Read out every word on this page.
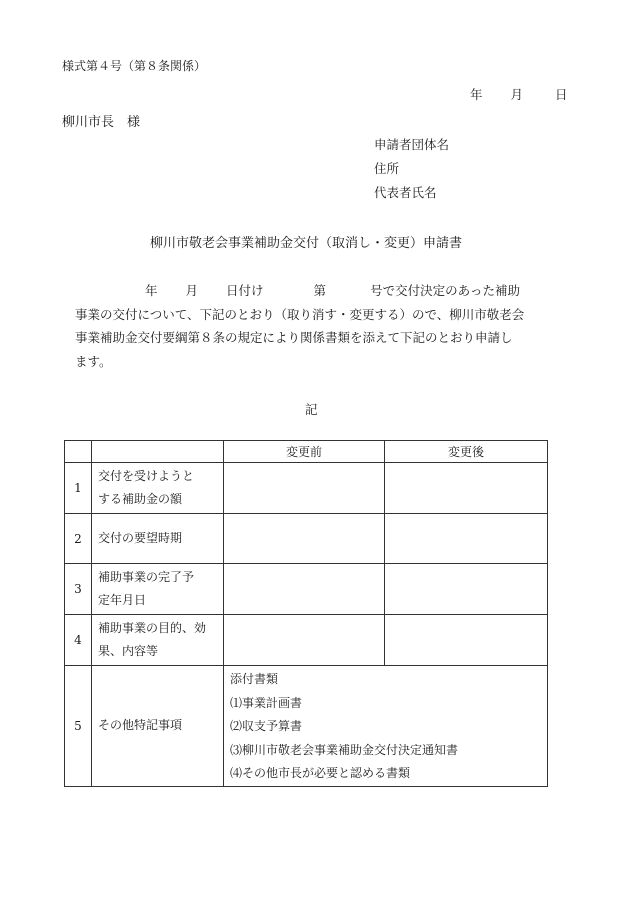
様式第４号（第８条関係）
年 月	日
柳川市長　様
申請者団体名
住所
代表者氏名
柳川市敬老会事業補助金交付（取消し・変更）申請書
年 月 日付け	第	号で交付決定のあった補助
事業の交付について、下記のとおり（取り消す・変更する）ので、柳川市敬老会
事業補助金交付要綱第８条の規定により関係書類を添えて下記のとおり申請し
ます。
記
		変更前	変更後
1	交付を受けようと
する補助金の額		

2	交付の要望時期		

3	補助事業の完了予
定年月日		

4	補助事業の目的、効
果、内容等		

5	その他特記事項	添付書類
⑴事業計画書
⑵収支予算書
⑶柳川市敬老会事業補助金交付決定通知書
⑷その他市長が必要と認める書類	
